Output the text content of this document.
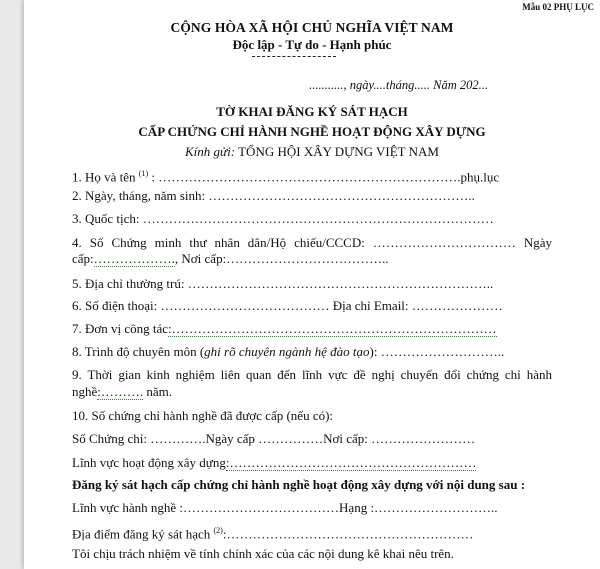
Mẫu 02 PHỤ LỤC
CỘNG HÒA XÃ HỘI CHỦ NGHĨA VIỆT NAM
Độc lập - Tự do - Hạnh phúc
..........., ngày....tháng..... Năm 202...
TỜ KHAI ĐĂNG KÝ SÁT HẠCH
CẤP CHỨNG CHỈ HÀNH NGHỀ HOẠT ĐỘNG XÂY DỰNG
Kính gửi: TỔNG HỘI XÂY DỰNG VIỆT NAM
1. Họ và tên $^{(1)}$ : …………………………………………………………….phụ.lục
2. Ngày, tháng, năm sinh: ……………………………………………………..
3. Quốc tịch: ………………………………………………………………………
4. Số Chứng minh thư nhân dân/Hộ chiếu/CCCD: …………………………… Ngày
cấp:………………., Nơi cấp:………………………………..
5. Địa chỉ thường trú: ……………………………………………………………..
6. Số điện thoại: ………………………………… Địa chỉ Email: …………………
7. Đơn vị công tác:…………………………………………………………………
8. Trình độ chuyên môn (ghi rõ chuyên ngành hệ đào tạo): ………………………..
9. Thời gian kinh nghiệm liên quan đến lĩnh vực đề nghị chuyển đổi chứng chỉ hành
nghề:………. năm.
10. Số chứng chỉ hành nghề đã được cấp (nếu có):
Số Chứng chỉ: ………….Ngày cấp ……………Nơi cấp: ……………………
Lĩnh vực hoạt động xây dựng:…………………………………………………
Đăng ký sát hạch cấp chứng chỉ hành nghề hoạt động xây dựng với nội dung sau :
Lĩnh vực hành nghề :………………………………Hạng :………………………..
Địa điểm đăng ký sát hạch $^{(2)}$:…………………………………………………
Tôi chịu trách nhiệm về tính chính xác của các nội dung kê khai nêu trên.
